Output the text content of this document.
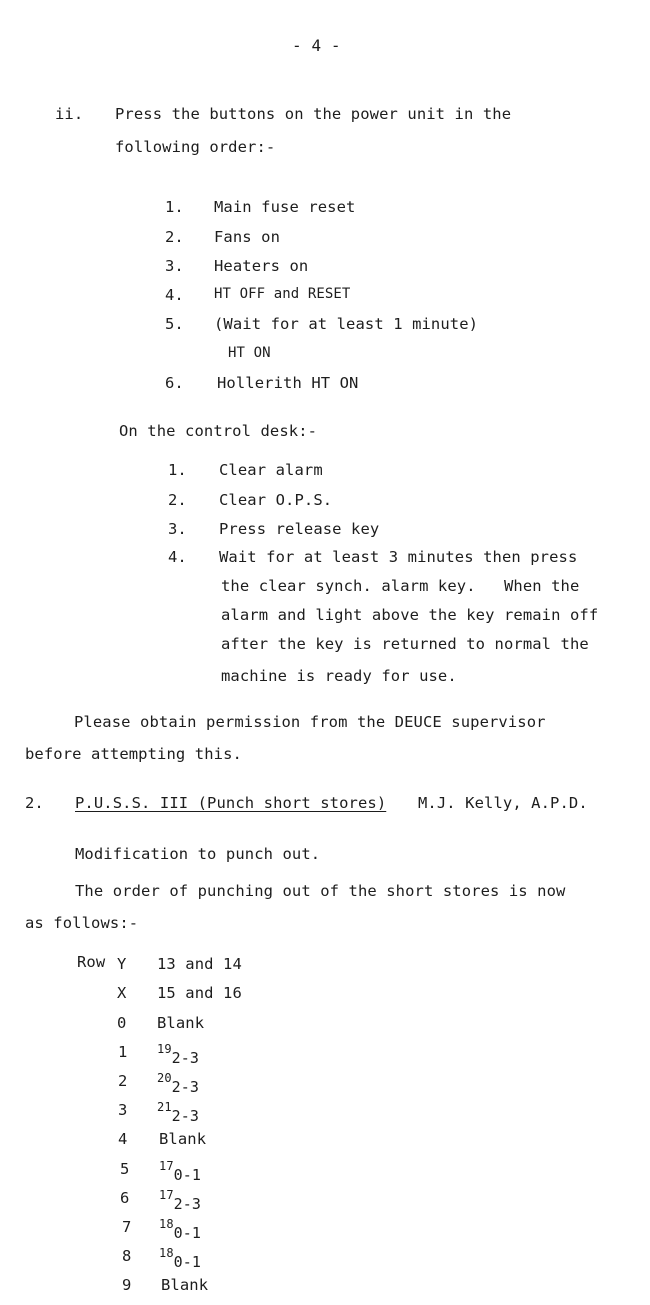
- 4 -
ii. Press the buttons on the power unit in the
following order:-
1. Main fuse reset
2. Fans on
3. Heaters on
4. HT OFF and RESET
5. (Wait for at least 1 minute)
HT ON
6. Hollerith HT ON
On the control desk:-
1. Clear alarm
2. Clear O.P.S.
3. Press release key
4. Wait for at least 3 minutes then press
the clear synch. alarm key.   When the
alarm and light above the key remain off
after the key is returned to normal the
machine is ready for use.
Please obtain permission from the DEUCE supervisor
before attempting this.
2. P.U.S.S. III (Punch short stores) M.J. Kelly, A.P.D.
Modification to punch out.
The order of punching out of the short stores is now
as follows:-
Row Y 13 and 14
X 15 and 16
0 Blank
1 $^{19}_{2-3}$
2 $^{20}_{2-3}$
3 $^{21}_{2-3}$
4 Blank
5 $^{17}_{0-1}$
6 $^{17}_{2-3}$
7 $^{18}_{0-1}$
8 $^{18}_{0-1}$
9 Blank
